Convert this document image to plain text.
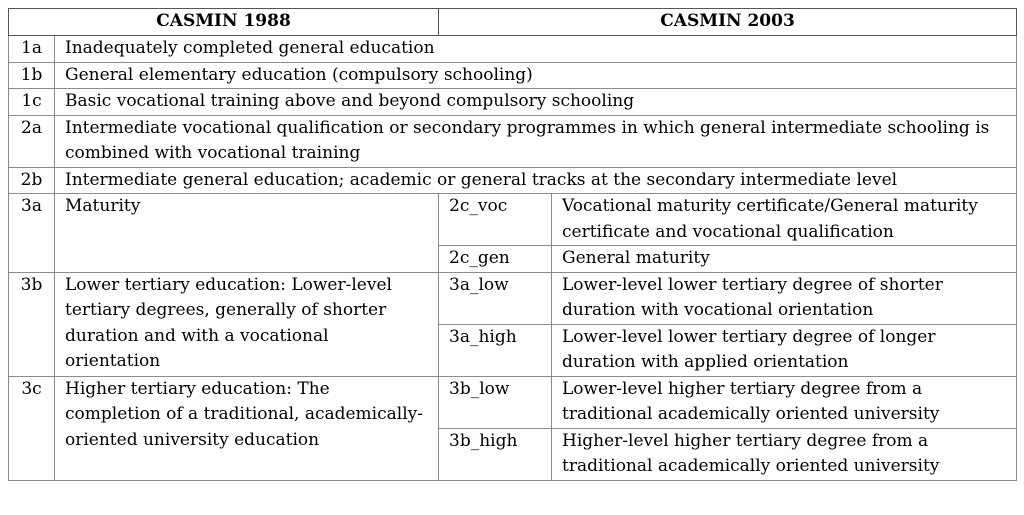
CASMIN 1988		CASMIN 2003	
1a	Inadequately completed general education		
1b	General elementary education (compulsory schooling)		
1c	Basic vocational training above and beyond compulsory schooling		
2a	Intermediate vocational qualification or secondary programmes in which general intermediate schooling is combined with vocational training		
2b	Intermediate general education; academic or general tracks at the secondary intermediate level		
3a	Maturity	2c_voc	Vocational maturity certificate/General maturity certificate and vocational qualification
		2c_gen	General maturity
3b	Lower tertiary education: Lower-level tertiary degrees, generally of shorter duration and with a vocational orientation	3a_low	Lower-level lower tertiary degree of shorter duration with vocational orientation
		3a_high	Lower-level lower tertiary degree of longer duration with applied orientation
3c	Higher tertiary education: The completion of a traditional, academically-oriented university education	3b_low	Lower-level higher tertiary degree from a traditional academically oriented university
		3b_high	Higher-level higher tertiary degree from a traditional academically oriented university
